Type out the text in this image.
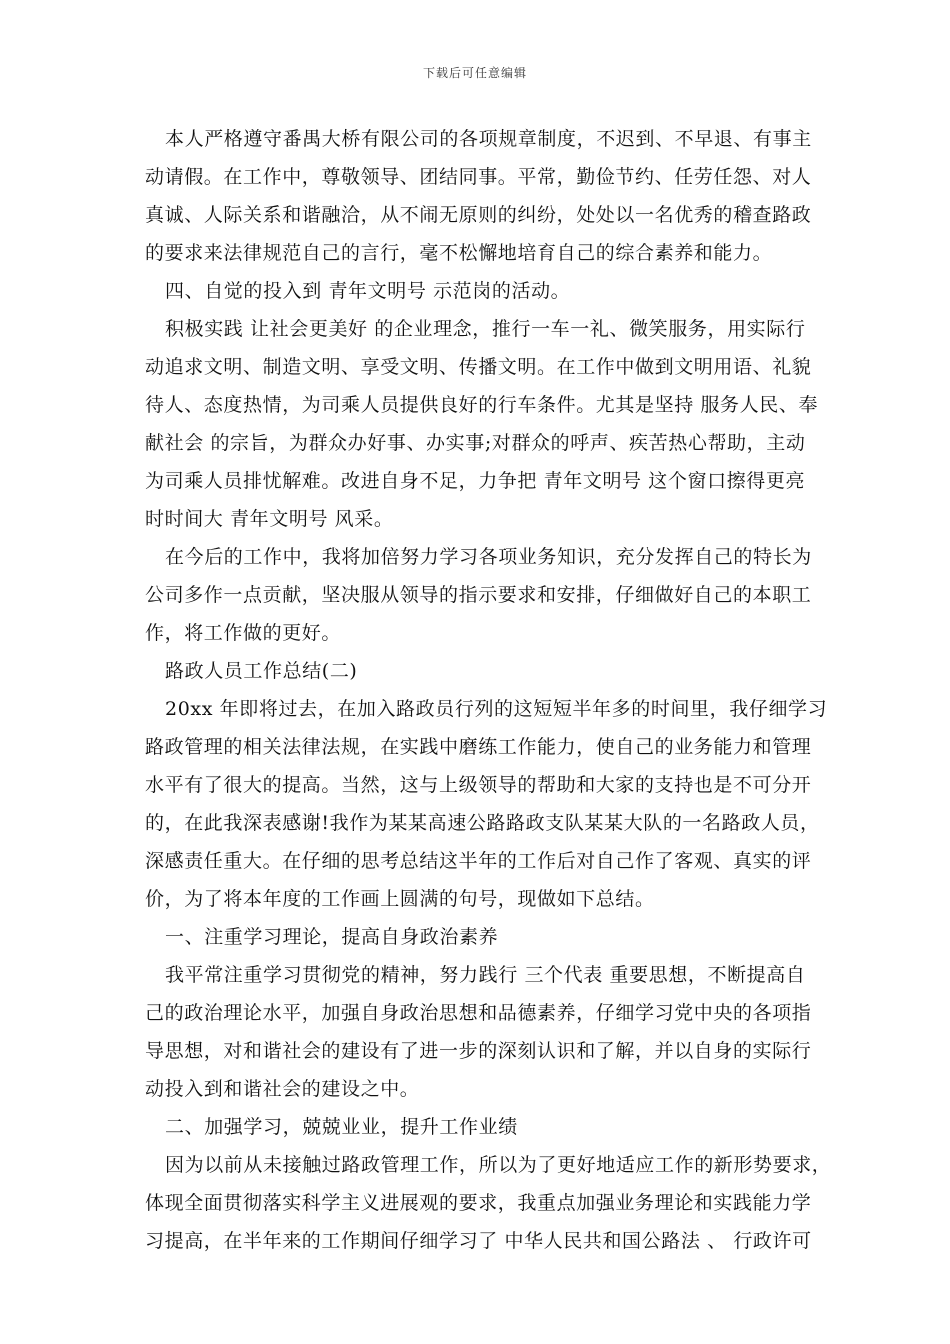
下载后可任意编辑
本人严格遵守番禺大桥有限公司的各项规章制度，不迟到、不早退、有事主
动请假。在工作中，尊敬领导、团结同事。平常，勤俭节约、任劳任怨、对人
真诚、人际关系和谐融洽，从不闹无原则的纠纷，处处以一名优秀的稽查路政
的要求来法律规范自己的言行，毫不松懈地培育自己的综合素养和能力。
四、自觉的投入到 青年文明号 示范岗的活动。
积极实践 让社会更美好 的企业理念，推行一车一礼、微笑服务，用实际行
动追求文明、制造文明、享受文明、传播文明。在工作中做到文明用语、礼貌
待人、态度热情，为司乘人员提供良好的行车条件。尤其是坚持 服务人民、奉
献社会 的宗旨，为群众办好事、办实事;对群众的呼声、疾苦热心帮助，主动
为司乘人员排忧解难。改进自身不足，力争把 青年文明号 这个窗口擦得更亮
时时间大 青年文明号 风采。
在今后的工作中，我将加倍努力学习各项业务知识，充分发挥自己的特长为
公司多作一点贡献，坚决服从领导的指示要求和安排，仔细做好自己的本职工
作，将工作做的更好。
路政人员工作总结(二)
20xx 年即将过去，在加入路政员行列的这短短半年多的时间里，我仔细学习
路政管理的相关法律法规，在实践中磨练工作能力，使自己的业务能力和管理
水平有了很大的提高。当然，这与上级领导的帮助和大家的支持也是不可分开
的，在此我深表感谢!我作为某某高速公路路政支队某某大队的一名路政人员，
深感责任重大。在仔细的思考总结这半年的工作后对自己作了客观、真实的评
价，为了将本年度的工作画上圆满的句号，现做如下总结。
一、注重学习理论，提高自身政治素养
我平常注重学习贯彻党的精神，努力践行 三个代表 重要思想，不断提高自
己的政治理论水平，加强自身政治思想和品德素养，仔细学习党中央的各项指
导思想，对和谐社会的建设有了进一步的深刻认识和了解，并以自身的实际行
动投入到和谐社会的建设之中。
二、加强学习，兢兢业业，提升工作业绩
因为以前从未接触过路政管理工作，所以为了更好地适应工作的新形势要求，
体现全面贯彻落实科学主义进展观的要求，我重点加强业务理论和实践能力学
习提高，在半年来的工作期间仔细学习了 中华人民共和国公路法 、 行政许可
